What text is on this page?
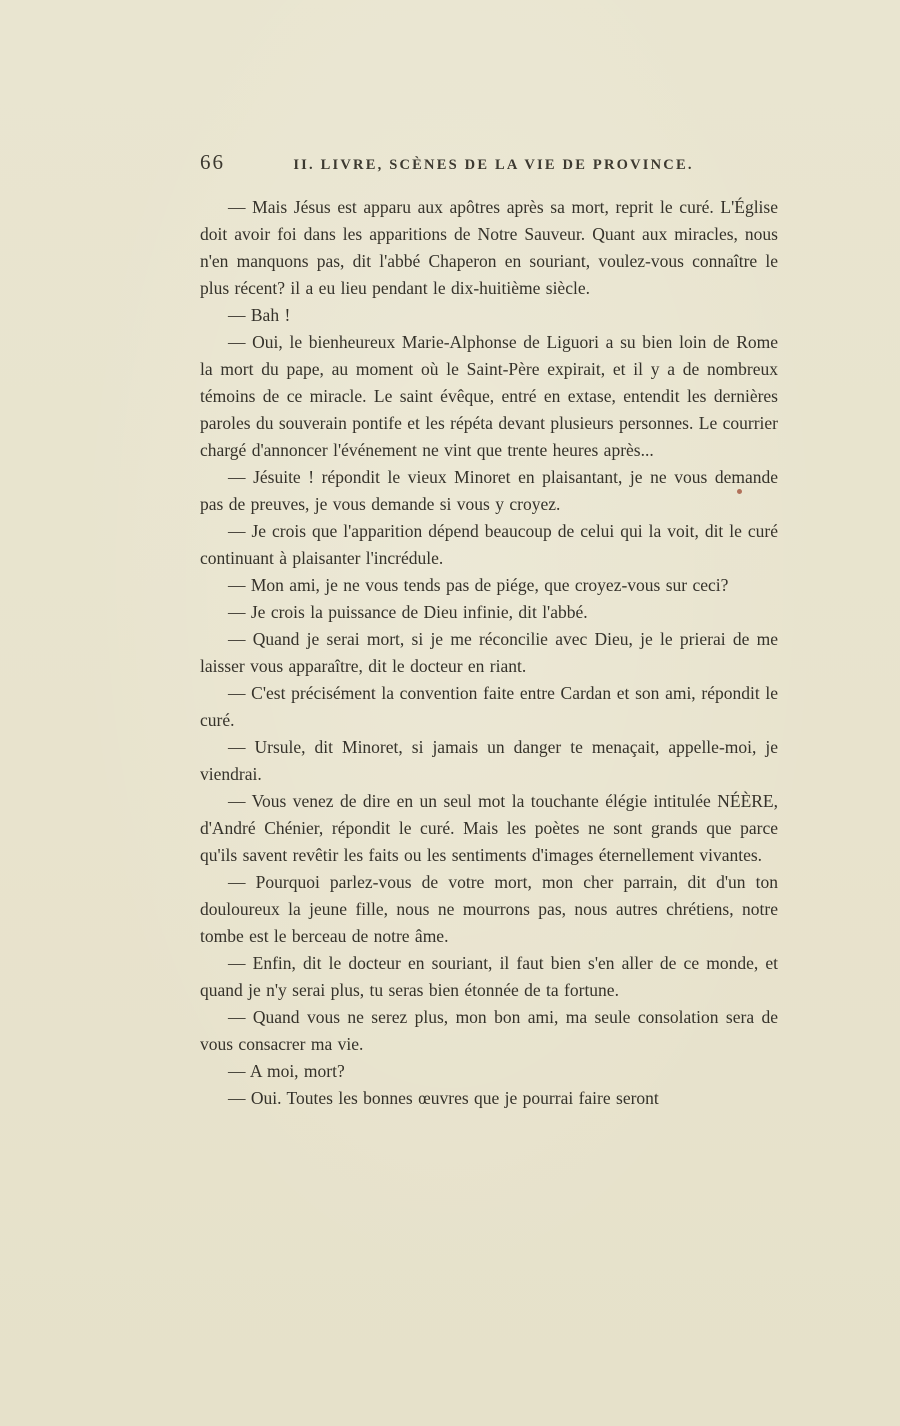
66	II. LIVRE, SCÈNES DE LA VIE DE PROVINCE.

— Mais Jésus est apparu aux apôtres après sa mort, reprit le curé. L'Église doit avoir foi dans les apparitions de Notre Sauveur. Quant aux miracles, nous n'en manquons pas, dit l'abbé Chaperon en souriant, voulez-vous connaître le plus récent? il a eu lieu pendant le dix-huitième siècle.

— Bah !

— Oui, le bienheureux Marie-Alphonse de Liguori a su bien loin de Rome la mort du pape, au moment où le Saint-Père expirait, et il y a de nombreux témoins de ce miracle. Le saint évêque, entré en extase, entendit les dernières paroles du souverain pontife et les répéta devant plusieurs personnes. Le courrier chargé d'annoncer l'événement ne vint que trente heures après...

— Jésuite ! répondit le vieux Minoret en plaisantant, je ne vous demande pas de preuves, je vous demande si vous y croyez.

— Je crois que l'apparition dépend beaucoup de celui qui la voit, dit le curé continuant à plaisanter l'incrédule.

— Mon ami, je ne vous tends pas de piége, que croyez-vous sur ceci?

— Je crois la puissance de Dieu infinie, dit l'abbé.

— Quand je serai mort, si je me réconcilie avec Dieu, je le prierai de me laisser vous apparaître, dit le docteur en riant.

— C'est précisément la convention faite entre Cardan et son ami, répondit le curé.

— Ursule, dit Minoret, si jamais un danger te menaçait, appelle-moi, je viendrai.

— Vous venez de dire en un seul mot la touchante élégie intitulée NÉÈRE, d'André Chénier, répondit le curé. Mais les poètes ne sont grands que parce qu'ils savent revêtir les faits ou les sentiments d'images éternellement vivantes.

— Pourquoi parlez-vous de votre mort, mon cher parrain, dit d'un ton douloureux la jeune fille, nous ne mourrons pas, nous autres chrétiens, notre tombe est le berceau de notre âme.

— Enfin, dit le docteur en souriant, il faut bien s'en aller de ce monde, et quand je n'y serai plus, tu seras bien étonnée de ta fortune.

— Quand vous ne serez plus, mon bon ami, ma seule consolation sera de vous consacrer ma vie.

— A moi, mort?

— Oui. Toutes les bonnes œuvres que je pourrai faire seront
